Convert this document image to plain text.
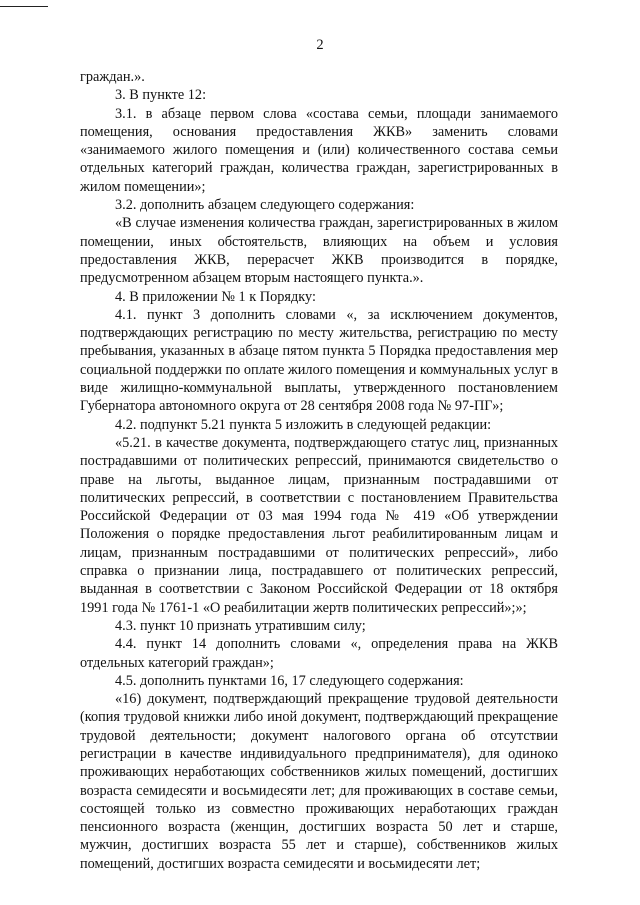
2

граждан.».

3. В пункте 12:

3.1. в абзаце первом слова «состава семьи, площади занимаемого помещения, основания предоставления ЖКВ» заменить словами «занимаемого жилого помещения и (или) количественного состава семьи отдельных категорий граждан, количества граждан, зарегистрированных в жилом помещении»;

3.2. дополнить абзацем следующего содержания:

«В случае изменения количества граждан, зарегистрированных в жилом помещении, иных обстоятельств, влияющих на объем и условия предоставления ЖКВ, перерасчет ЖКВ производится в порядке, предусмотренном абзацем вторым настоящего пункта.».

4. В приложении № 1 к Порядку:

4.1. пункт 3 дополнить словами «, за исключением документов, подтверждающих регистрацию по месту жительства, регистрацию по месту пребывания, указанных в абзаце пятом пункта 5 Порядка предоставления мер социальной поддержки по оплате жилого помещения и коммунальных услуг в виде жилищно-коммунальной выплаты, утвержденного постановлением Губернатора автономного округа от 28 сентября 2008 года № 97-ПГ»;

4.2. подпункт 5.21 пункта 5 изложить в следующей редакции:

«5.21. в качестве документа, подтверждающего статус лиц, признанных пострадавшими от политических репрессий, принимаются свидетельство о праве на льготы, выданное лицам, признанным пострадавшими от политических репрессий, в соответствии с постановлением Правительства Российской Федерации от 03 мая 1994 года № 419 «Об утверждении Положения о порядке предоставления льгот реабилитированным лицам и лицам, признанным пострадавшими от политических репрессий», либо справка о признании лица, пострадавшего от политических репрессий, выданная в соответствии с Законом Российской Федерации от 18 октября 1991 года № 1761-1 «О реабилитации жертв политических репрессий»;»;

4.3. пункт 10 признать утратившим силу;

4.4. пункт 14 дополнить словами «, определения права на ЖКВ отдельных категорий граждан»;

4.5. дополнить пунктами 16, 17 следующего содержания:

«16) документ, подтверждающий прекращение трудовой деятельности (копия трудовой книжки либо иной документ, подтверждающий прекращение трудовой деятельности; документ налогового органа об отсутствии регистрации в качестве индивидуального предпринимателя), для одиноко проживающих неработающих собственников жилых помещений, достигших возраста семидесяти и восьмидесяти лет; для проживающих в составе семьи, состоящей только из совместно проживающих неработающих граждан пенсионного возраста (женщин, достигших возраста 50 лет и старше, мужчин, достигших возраста 55 лет и старше), собственников жилых помещений, достигших возраста семидесяти и восьмидесяти лет;
